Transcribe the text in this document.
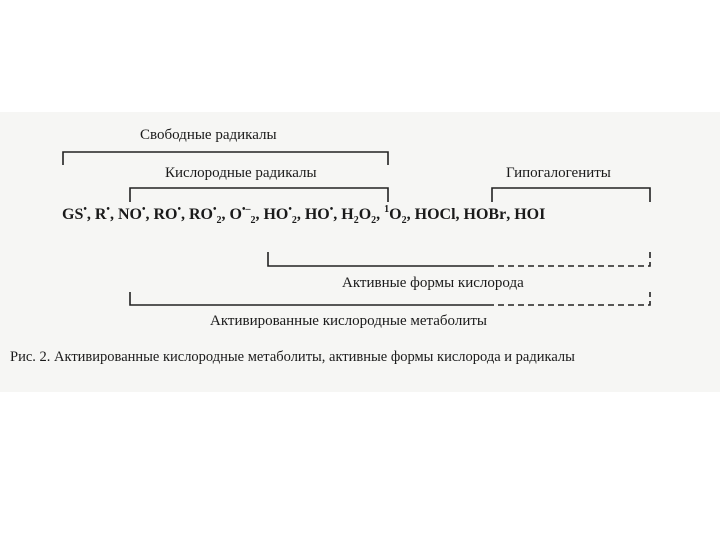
Свободные радикалы
Кислородные радикалы	Гипогалогениты
Активные формы кислорода
Активированные кислородные метаболиты
GS•, R•, NO•, RO•, $RO^•_2$, $O^{•-}_2$, $HO^•_2$, HO•, $H_2O_2$, $^1O_2$, HOCl, HOBr, HOI
Рис. 2. Активированные кислородные метаболиты, активные формы кислорода и радикалы
